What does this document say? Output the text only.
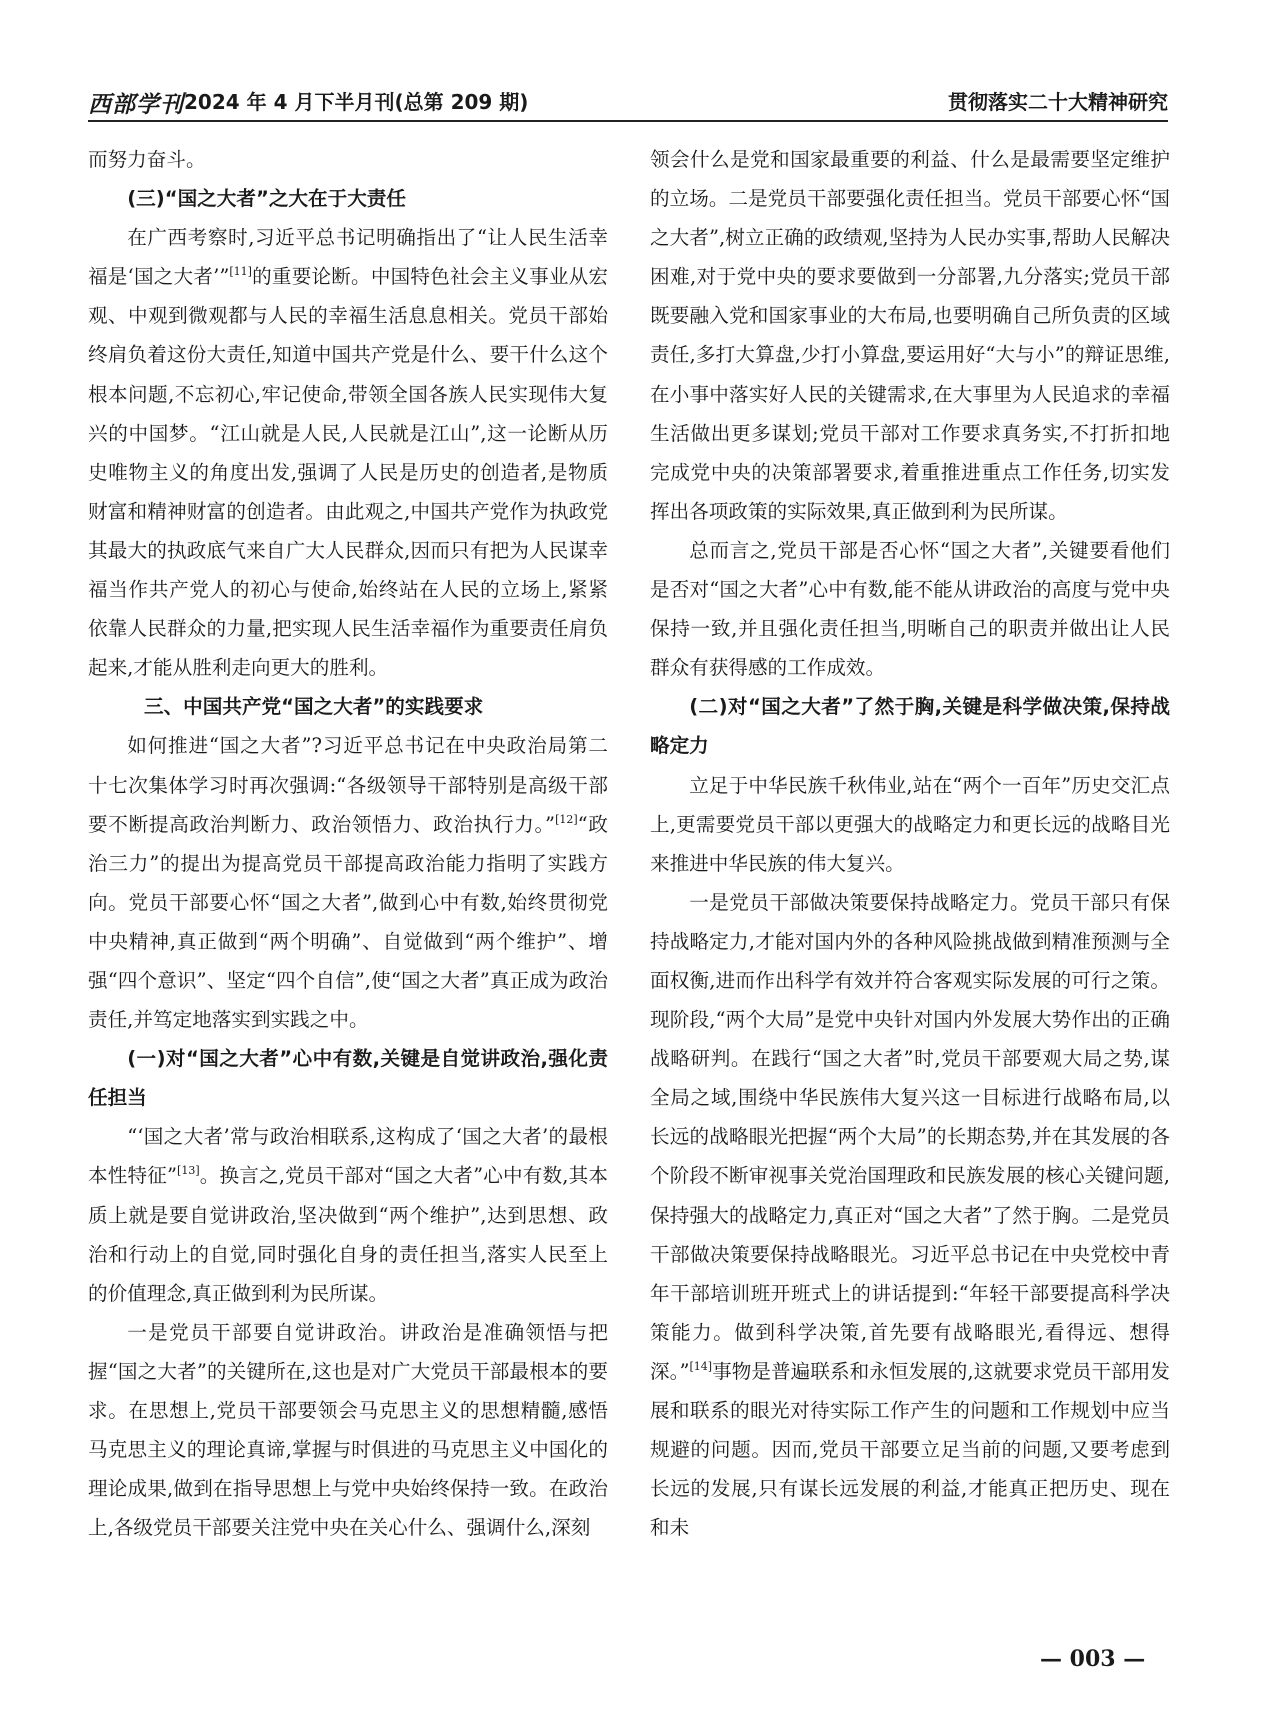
西部学刊 2024 年 4 月下半月刊(总第 209 期)	贯彻落实二十大精神研究

而努力奋斗。

(三)“国之大者”之大在于大责任

在广西考察时,习近平总书记明确指出了“让人民生活幸福是‘国之大者’”[11]的重要论断。中国特色社会主义事业从宏观、中观到微观都与人民的幸福生活息息相关。党员干部始终肩负着这份大责任,知道中国共产党是什么、要干什么这个根本问题,不忘初心,牢记使命,带领全国各族人民实现伟大复兴的中国梦。“江山就是人民,人民就是江山”,这一论断从历史唯物主义的角度出发,强调了人民是历史的创造者,是物质财富和精神财富的创造者。由此观之,中国共产党作为执政党其最大的执政底气来自广大人民群众,因而只有把为人民谋幸福当作共产党人的初心与使命,始终站在人民的立场上,紧紧依靠人民群众的力量,把实现人民生活幸福作为重要责任肩负起来,才能从胜利走向更大的胜利。

三、中国共产党“国之大者”的实践要求

如何推进“国之大者”?习近平总书记在中央政治局第二十七次集体学习时再次强调:“各级领导干部特别是高级干部要不断提高政治判断力、政治领悟力、政治执行力。”[12]“政治三力”的提出为提高党员干部提高政治能力指明了实践方向。党员干部要心怀“国之大者”,做到心中有数,始终贯彻党中央精神,真正做到“两个明确”、自觉做到“两个维护”、增强“四个意识”、坚定“四个自信”,使“国之大者”真正成为政治责任,并笃定地落实到实践之中。

(一)对“国之大者”心中有数,关键是自觉讲政治,强化责任担当

“‘国之大者’常与政治相联系,这构成了‘国之大者’的最根本性特征”[13]。换言之,党员干部对“国之大者”心中有数,其本质上就是要自觉讲政治,坚决做到“两个维护”,达到思想、政治和行动上的自觉,同时强化自身的责任担当,落实人民至上的价值理念,真正做到利为民所谋。

一是党员干部要自觉讲政治。讲政治是准确领悟与把握“国之大者”的关键所在,这也是对广大党员干部最根本的要求。在思想上,党员干部要领会马克思主义的思想精髓,感悟马克思主义的理论真谛,掌握与时俱进的马克思主义中国化的理论成果,做到在指导思想上与党中央始终保持一致。在政治上,各级党员干部要关注党中央在关心什么、强调什么,深刻

领会什么是党和国家最重要的利益、什么是最需要坚定维护的立场。二是党员干部要强化责任担当。党员干部要心怀“国之大者”,树立正确的政绩观,坚持为人民办实事,帮助人民解决困难,对于党中央的要求要做到一分部署,九分落实;党员干部既要融入党和国家事业的大布局,也要明确自己所负责的区域责任,多打大算盘,少打小算盘,要运用好“大与小”的辩证思维,在小事中落实好人民的关键需求,在大事里为人民追求的幸福生活做出更多谋划;党员干部对工作要求真务实,不打折扣地完成党中央的决策部署要求,着重推进重点工作任务,切实发挥出各项政策的实际效果,真正做到利为民所谋。

总而言之,党员干部是否心怀“国之大者”,关键要看他们是否对“国之大者”心中有数,能不能从讲政治的高度与党中央保持一致,并且强化责任担当,明晰自己的职责并做出让人民群众有获得感的工作成效。

(二)对“国之大者”了然于胸,关键是科学做决策,保持战略定力

立足于中华民族千秋伟业,站在“两个一百年”历史交汇点上,更需要党员干部以更强大的战略定力和更长远的战略目光来推进中华民族的伟大复兴。

一是党员干部做决策要保持战略定力。党员干部只有保持战略定力,才能对国内外的各种风险挑战做到精准预测与全面权衡,进而作出科学有效并符合客观实际发展的可行之策。现阶段,“两个大局”是党中央针对国内外发展大势作出的正确战略研判。在践行“国之大者”时,党员干部要观大局之势,谋全局之域,围绕中华民族伟大复兴这一目标进行战略布局,以长远的战略眼光把握“两个大局”的长期态势,并在其发展的各个阶段不断审视事关党治国理政和民族发展的核心关键问题,保持强大的战略定力,真正对“国之大者”了然于胸。二是党员干部做决策要保持战略眼光。习近平总书记在中央党校中青年干部培训班开班式上的讲话提到:“年轻干部要提高科学决策能力。做到科学决策,首先要有战略眼光,看得远、想得深。”[14]事物是普遍联系和永恒发展的,这就要求党员干部用发展和联系的眼光对待实际工作产生的问题和工作规划中应当规避的问题。因而,党员干部要立足当前的问题,又要考虑到长远的发展,只有谋长远发展的利益,才能真正把历史、现在和未

— 003 —
